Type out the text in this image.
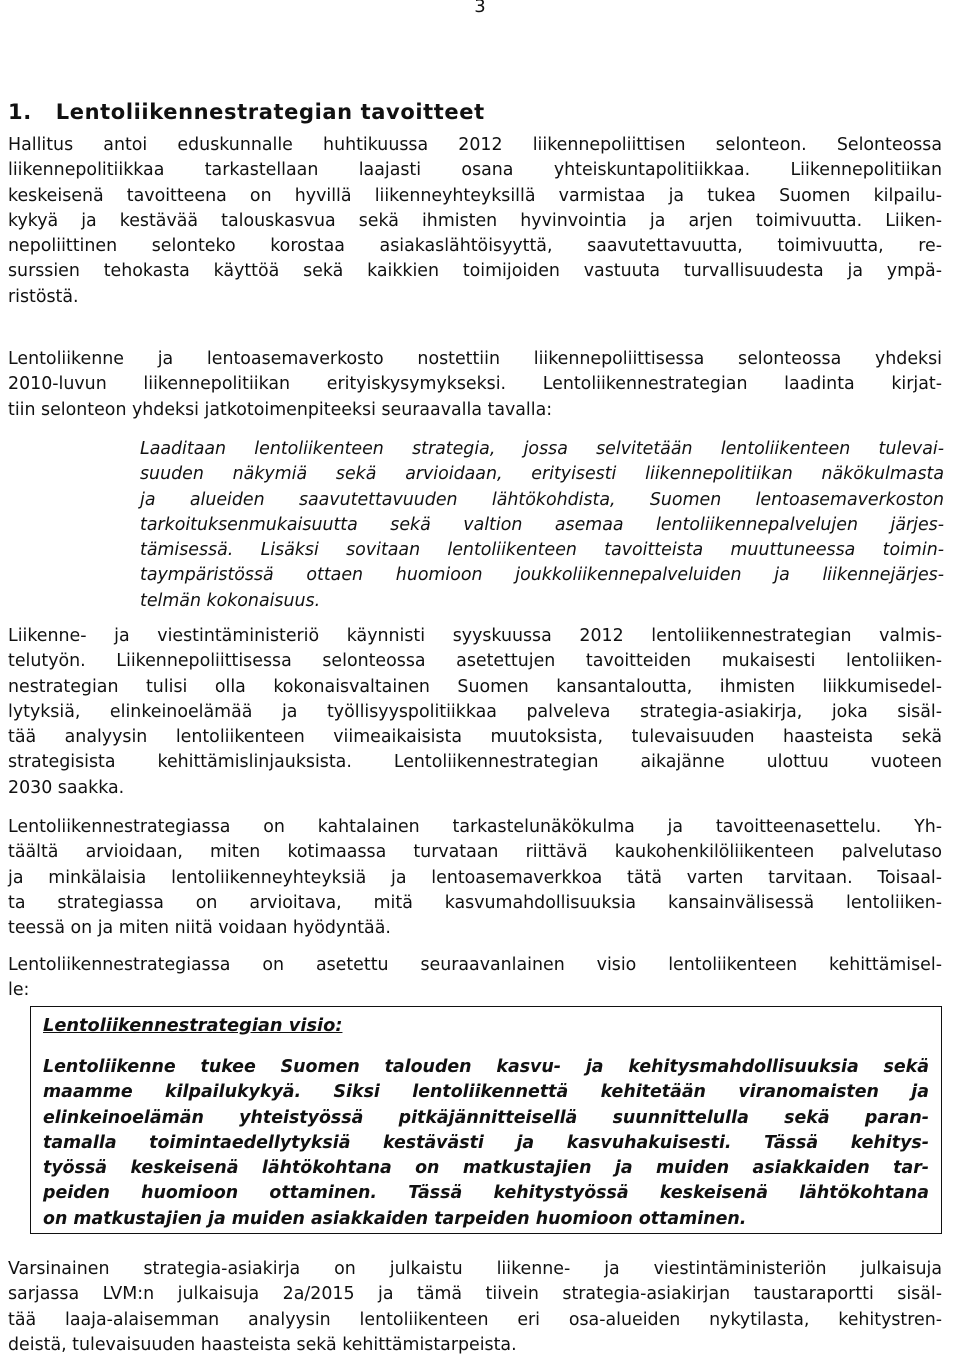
3
1. Lentoliikennestrategian tavoitteet
Hallitus antoi eduskunnalle huhtikuussa 2012 liikennepoliittisen selonteon. Selonteossa
liikennepolitiikkaa tarkastellaan laajasti osana yhteiskuntapolitiikkaa. Liikennepolitiikan
keskeisenä tavoitteena on hyvillä liikenneyhteyksillä varmistaa ja tukea Suomen kilpailu-
kykyä ja kestävää talouskasvua sekä ihmisten hyvinvointia ja arjen toimivuutta. Liiken-
nepoliittinen selonteko korostaa asiakaslähtöisyyttä, saavutettavuutta, toimivuutta, re-
surssien tehokasta käyttöä sekä kaikkien toimijoiden vastuuta turvallisuudesta ja ympä-
ristöstä.
Lentoliikenne ja lentoasemaverkosto nostettiin liikennepoliittisessa selonteossa yhdeksi
2010-luvun liikennepolitiikan erityiskysymykseksi. Lentoliikennestrategian laadinta kirjat-
tiin selonteon yhdeksi jatkotoimenpiteeksi seuraavalla tavalla:
Laaditaan lentoliikenteen strategia, jossa selvitetään lentoliikenteen tulevai-
suuden näkymiä sekä arvioidaan, erityisesti liikennepolitiikan näkökulmasta
ja alueiden saavutettavuuden lähtökohdista, Suomen lentoasemaverkoston
tarkoituksenmukaisuutta sekä valtion asemaa lentoliikennepalvelujen järjes-
tämisessä. Lisäksi sovitaan lentoliikenteen tavoitteista muuttuneessa toimin-
taympäristössä ottaen huomioon joukkoliikennepalveluiden ja liikennejärjes-
telmän kokonaisuus.
Liikenne- ja viestintäministeriö käynnisti syyskuussa 2012 lentoliikennestrategian valmis-
telutyön. Liikennepoliittisessa selonteossa asetettujen tavoitteiden mukaisesti lentoliiken-
nestrategian tulisi olla kokonaisvaltainen Suomen kansantaloutta, ihmisten liikkumisedel-
lytyksiä, elinkeinoelämää ja työllisyyspolitiikkaa palveleva strategia-asiakirja, joka sisäl-
tää analyysin lentoliikenteen viimeaikaisista muutoksista, tulevaisuuden haasteista sekä
strategisista kehittämislinjauksista. Lentoliikennestrategian aikajänne ulottuu vuoteen
2030 saakka.
Lentoliikennestrategiassa on kahtalainen tarkastelunäkökulma ja tavoitteenasettelu. Yh-
täältä arvioidaan, miten kotimaassa turvataan riittävä kaukohenkilöliikenteen palvelutaso
ja minkälaisia lentoliikenneyhteyksiä ja lentoasemaverkkoa tätä varten tarvitaan. Toisaal-
ta strategiassa on arvioitava, mitä kasvumahdollisuuksia kansainvälisessä lentoliiken-
teessä on ja miten niitä voidaan hyödyntää.
Lentoliikennestrategiassa on asetettu seuraavanlainen visio lentoliikenteen kehittämisel-
le:
Lentoliikennestrategian visio:
Lentoliikenne tukee Suomen talouden kasvu- ja kehitysmahdollisuuksia sekä
maamme kilpailukykyä. Siksi lentoliikennettä kehitetään viranomaisten ja
elinkeinoelämän yhteistyössä pitkäjännitteisellä suunnittelulla sekä paran-
tamalla toimintaedellytyksiä kestävästi ja kasvuhakuisesti. Tässä kehitys-
työssä keskeisenä lähtökohtana on matkustajien ja muiden asiakkaiden tar-
peiden huomioon ottaminen. Tässä kehitystyössä keskeisenä lähtökohtana
on matkustajien ja muiden asiakkaiden tarpeiden huomioon ottaminen.
Varsinainen strategia-asiakirja on julkaistu liikenne- ja viestintäministeriön julkaisuja
sarjassa LVM:n julkaisuja 2a/2015 ja tämä tiivein strategia-asiakirjan taustaraportti sisäl-
tää laaja-alaisemman analyysin lentoliikenteen eri osa-alueiden nykytilasta, kehitystren-
deistä, tulevaisuuden haasteista sekä kehittämistarpeista.
